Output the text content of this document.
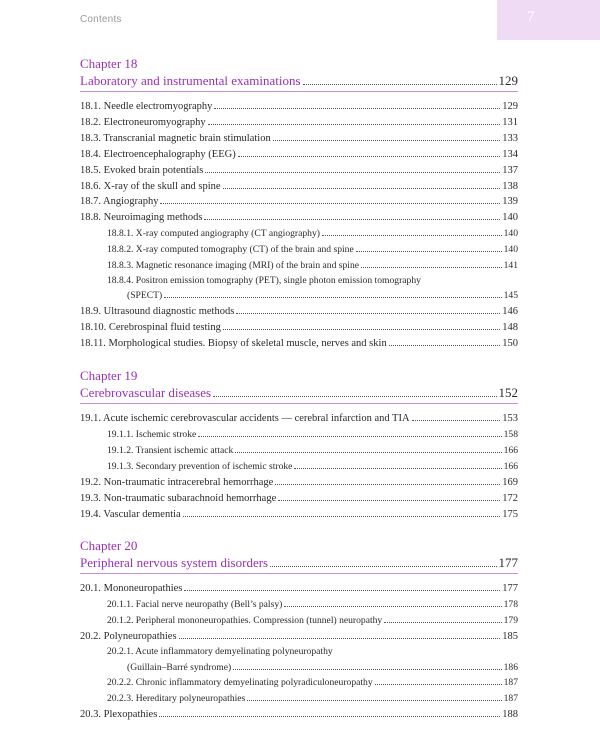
Contents	7
Chapter 18
Laboratory and instrumental examinations	129
18.1. Needle electromyography	129
18.2. Electroneuromyography	131
18.3. Transcranial magnetic brain stimulation	133
18.4. Electroencephalography (EEG)	134
18.5. Evoked brain potentials	137
18.6. X-ray of the skull and spine	138
18.7. Angiography	139
18.8. Neuroimaging methods	140
18.8.1. X-ray computed angiography (CT angiography)	140
18.8.2. X-ray computed tomography (CT) of the brain and spine	140
18.8.3. Magnetic resonance imaging (MRI) of the brain and spine	141
18.8.4. Positron emission tomography (PET), single photon emission tomography
(SPECT)	145
18.9. Ultrasound diagnostic methods	146
18.10. Cerebrospinal fluid testing	148
18.11. Morphological studies. Biopsy of skeletal muscle, nerves and skin	150
Chapter 19
Cerebrovascular diseases	152
19.1. Acute ischemic cerebrovascular accidents — cerebral infarction and TIA	153
19.1.1. Ischemic stroke	158
19.1.2. Transient ischemic attack	166
19.1.3. Secondary prevention of ischemic stroke	166
19.2. Non-traumatic intracerebral hemorrhage	169
19.3. Non-traumatic subarachnoid hemorrhage	172
19.4. Vascular dementia	175
Chapter 20
Peripheral nervous system disorders	177
20.1. Mononeuropathies	177
20.1.1. Facial nerve neuropathy (Bell’s palsy)	178
20.1.2. Peripheral mononeuropathies. Compression (tunnel) neuropathy	179
20.2. Polyneuropathies	185
20.2.1. Acute inflammatory demyelinating polyneuropathy
(Guillain–Barré syndrome)	186
20.2.2. Chronic inflammatory demyelinating polyradiculoneuropathy	187
20.2.3. Hereditary polyneuropathies	187
20.3. Plexopathies	188
